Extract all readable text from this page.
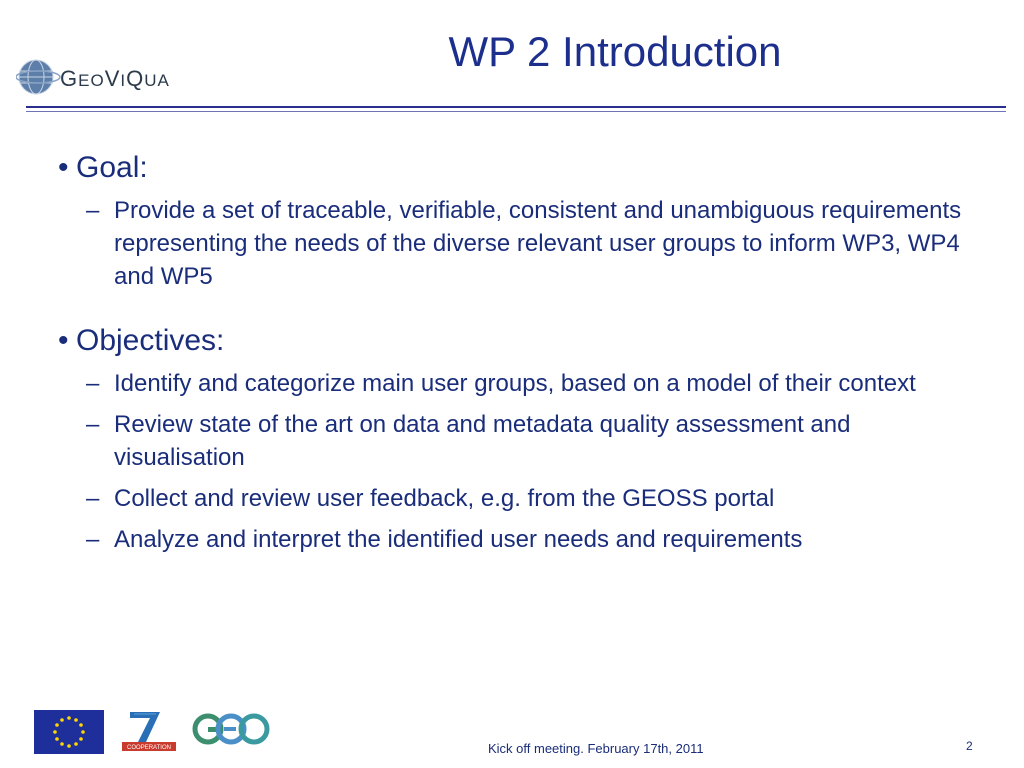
GEOVIQUA
WP 2 Introduction
• Goal:
– Provide a set of traceable, verifiable, consistent and unambiguous requirements representing the needs of the diverse relevant user groups to inform WP3, WP4 and WP5
• Objectives:
– Identify and categorize main user groups, based on a model of their context
– Review state of the art on data and metadata quality assessment and visualisation
– Collect and review user feedback, e.g. from the GEOSS portal
– Analyze and interpret the identified user needs and requirements
COOPERATION	Kick off meeting. February 17th, 2011	2
